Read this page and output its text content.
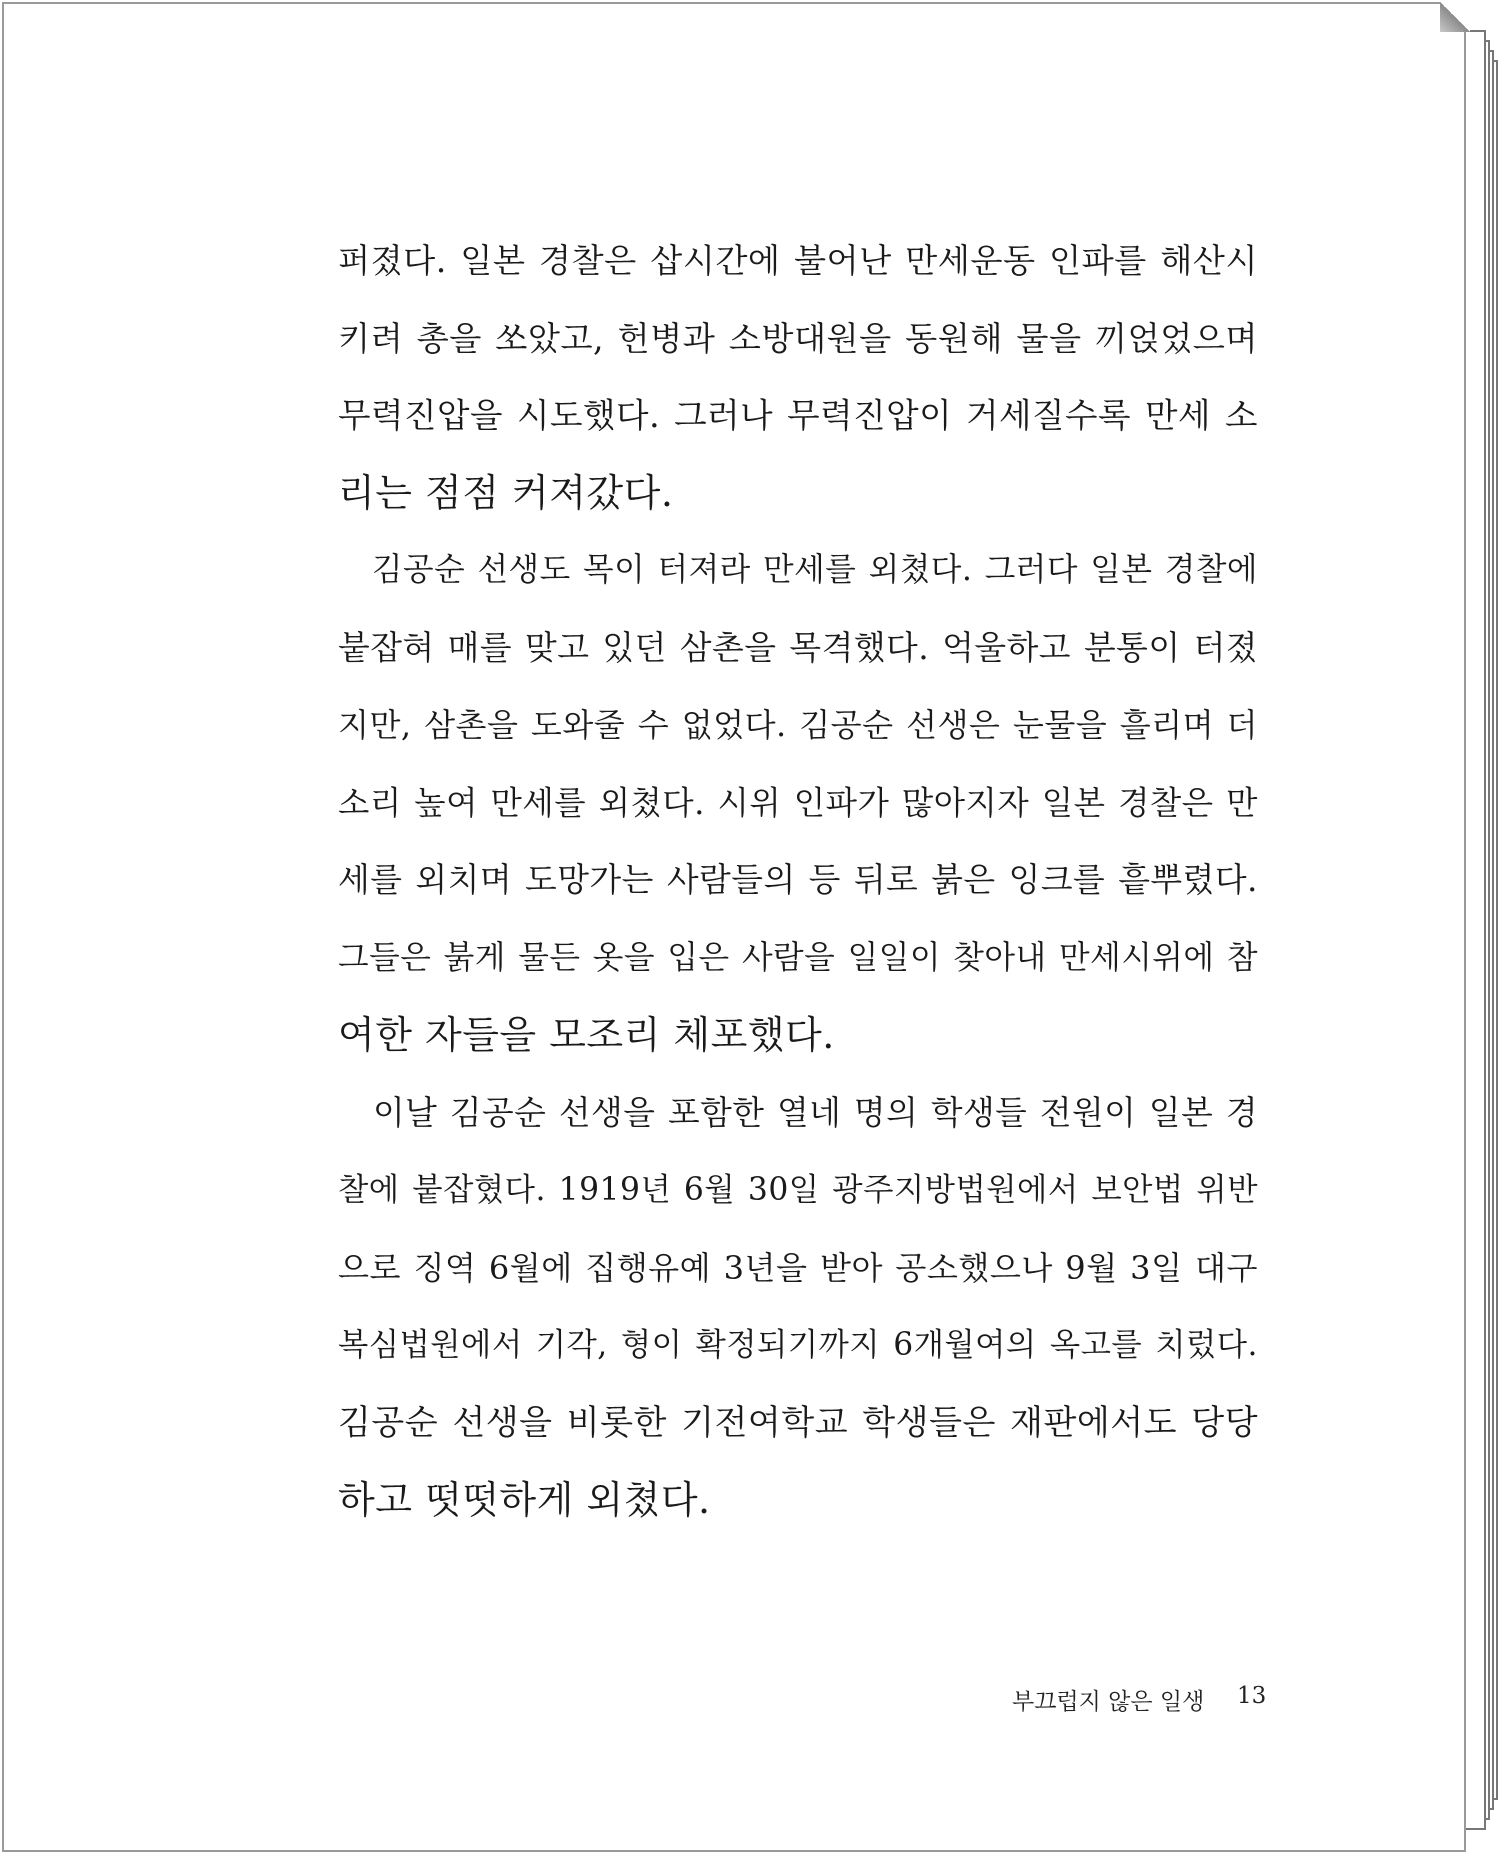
퍼졌다. 일본 경찰은 삽시간에 불어난 만세운동 인파를 해산시
키려 총을 쏘았고, 헌병과 소방대원을 동원해 물을 끼얹었으며
무력진압을 시도했다. 그러나 무력진압이 거세질수록 만세 소
리는 점점 커져갔다.
　김공순 선생도 목이 터져라 만세를 외쳤다. 그러다 일본 경찰에
붙잡혀 매를 맞고 있던 삼촌을 목격했다. 억울하고 분통이 터졌
지만, 삼촌을 도와줄 수 없었다. 김공순 선생은 눈물을 흘리며 더
소리 높여 만세를 외쳤다. 시위 인파가 많아지자 일본 경찰은 만
세를 외치며 도망가는 사람들의 등 뒤로 붉은 잉크를 흩뿌렸다.
그들은 붉게 물든 옷을 입은 사람을 일일이 찾아내 만세시위에 참
여한 자들을 모조리 체포했다.
　이날 김공순 선생을 포함한 열네 명의 학생들 전원이 일본 경
찰에 붙잡혔다. 1919년 6월 30일 광주지방법원에서 보안법 위반
으로 징역 6월에 집행유예 3년을 받아 공소했으나 9월 3일 대구
복심법원에서 기각, 형이 확정되기까지 6개월여의 옥고를 치렀다.
김공순 선생을 비롯한 기전여학교 학생들은 재판에서도 당당
하고 떳떳하게 외쳤다.
부끄럽지 않은 일생 13
